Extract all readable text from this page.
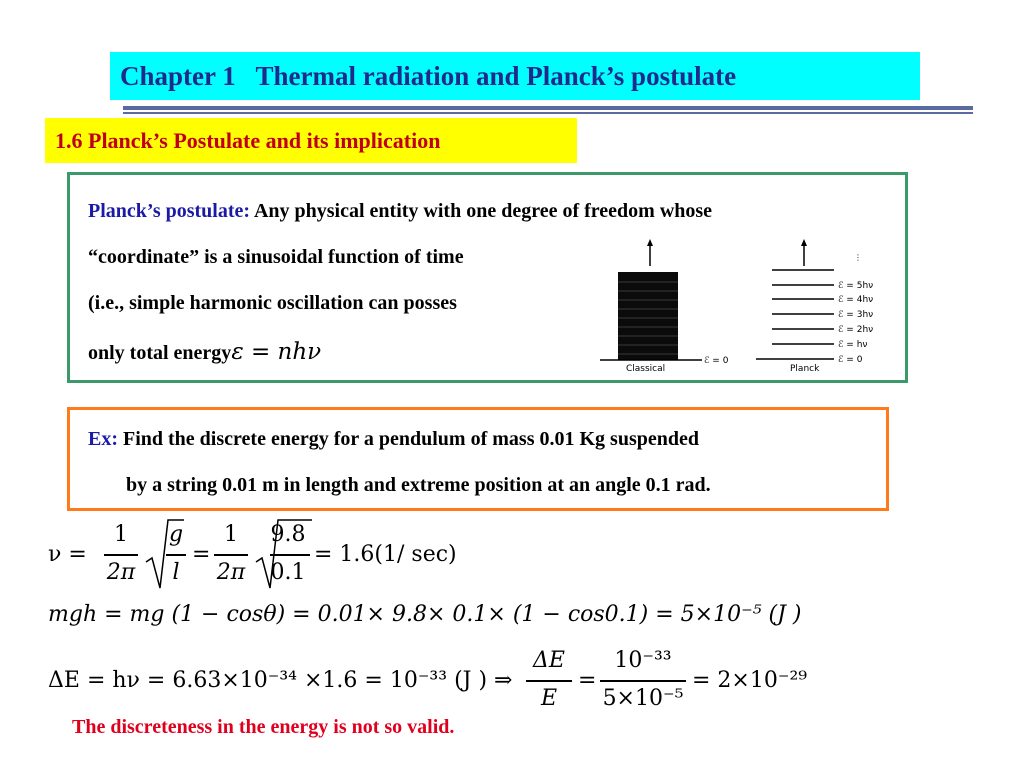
Chapter 1   Thermal radiation and Planck’s postulate
1.6 Planck’s Postulate and its implication
Planck’s postulate: Any physical entity with one degree of freedom whose
“coordinate” is a sinusoidal function of time
(i.e., simple harmonic oscillation can posses
only total energyε = nhν	ℰ = 0
Classical
⋮
ℰ = 5hν
ℰ = 4hν
ℰ = 3hν
ℰ = 2hν
ℰ = hν
ℰ = 0
Planck
Ex: Find the discrete energy for a pendulum of mass 0.01 Kg suspended
by a string 0.01 m in length and extreme position at an angle 0.1 rad.
ν =
1
2π
g
l
=
1
2π
9.8
0.1
= 1.6(1/ sec)
mgh = mg (1 − cosθ) = 0.01× 9.8× 0.1× (1 − cos0.1) = 5×10⁻⁵ (J )
ΔE = hν = 6.63×10⁻³⁴ ×1.6 = 10⁻³³ (J ) ⇒
ΔE
E
=
10⁻³³
5×10⁻⁵
= 2×10⁻²⁹
The discreteness in the energy is not so valid.
